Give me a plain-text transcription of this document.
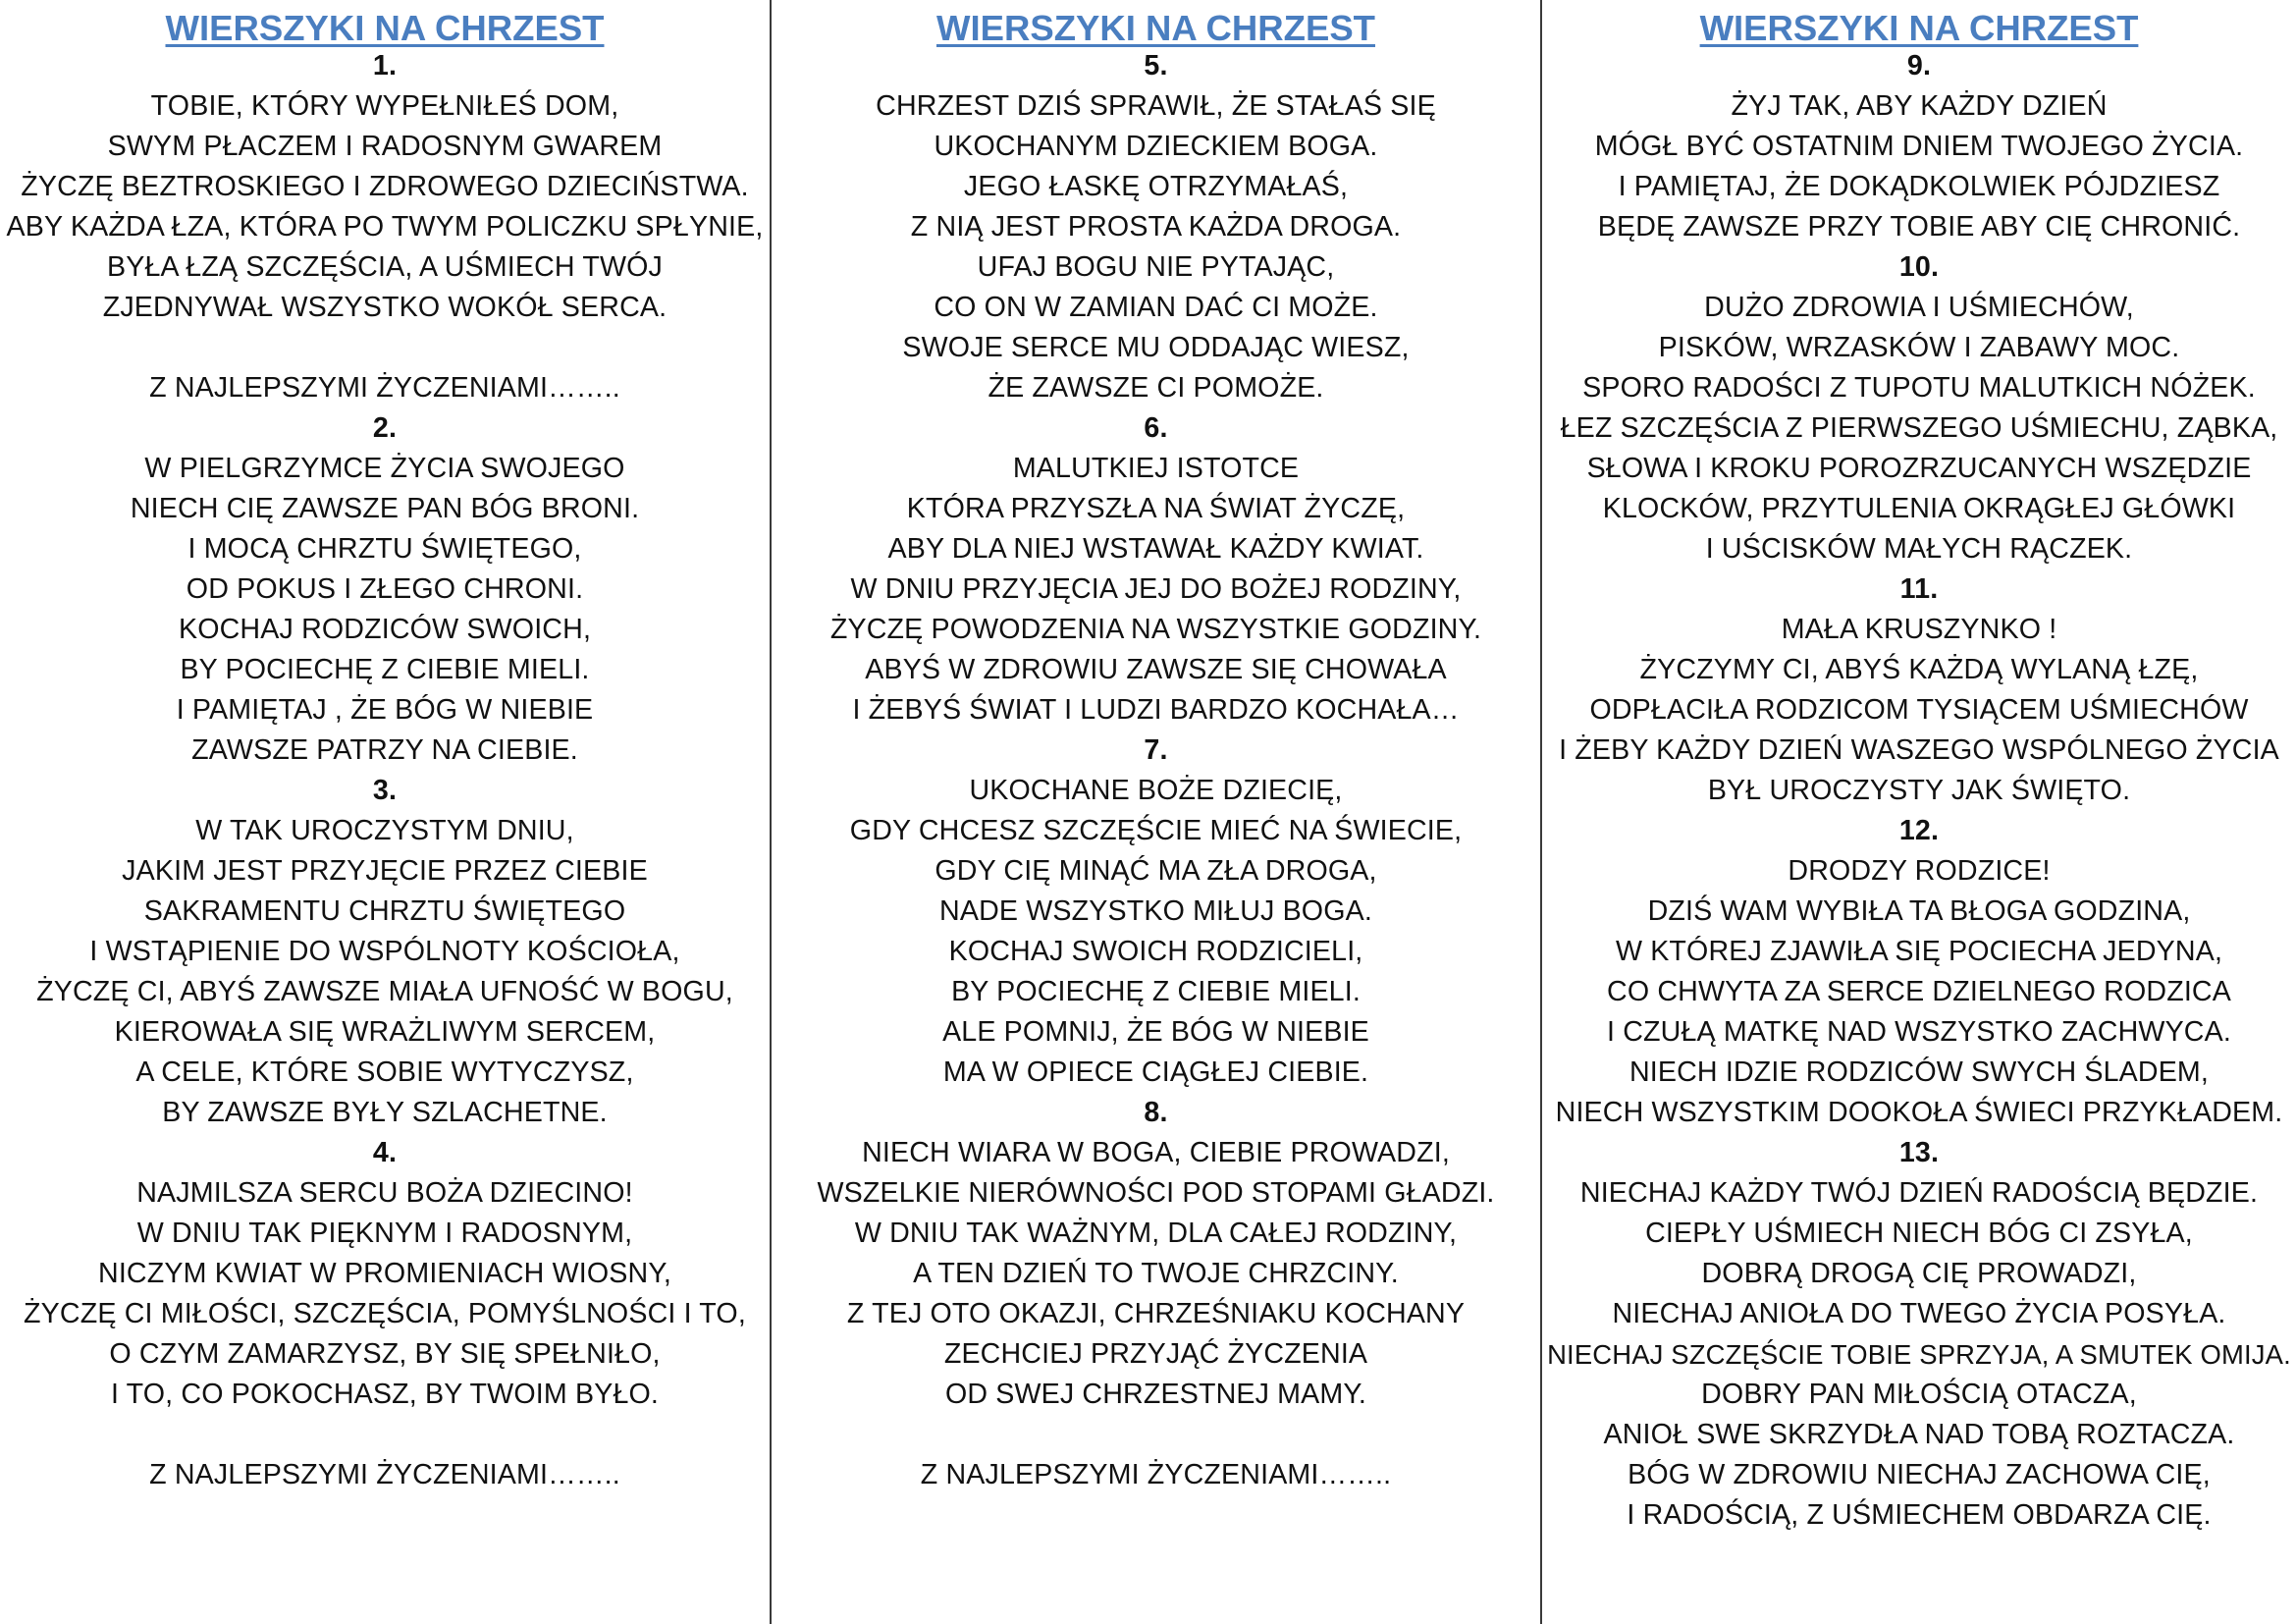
WIERSZYKI NA CHRZEST
1.
TOBIE, KTÓRY WYPEŁNIŁEŚ DOM,
SWYM PŁACZEM I RADOSNYM GWAREM
ŻYCZĘ BEZTROSKIEGO I ZDROWEGO DZIECIŃSTWA.
ABY KAŻDA ŁZA, KTÓRA PO TWYM POLICZKU SPŁYNIE,
BYŁA ŁZĄ SZCZĘŚCIA, A UŚMIECH TWÓJ
ZJEDNYWAŁ WSZYSTKO WOKÓŁ SERCA.
Z NAJLEPSZYMI ŻYCZENIAMI……..
2.
W PIELGRZYMCE ŻYCIA SWOJEGO
NIECH CIĘ ZAWSZE PAN BÓG BRONI.
I MOCĄ CHRZTU ŚWIĘTEGO,
OD POKUS I ZŁEGO CHRONI.
KOCHAJ RODZICÓW SWOICH,
BY POCIECHĘ Z CIEBIE MIELI.
I PAMIĘTAJ , ŻE BÓG W NIEBIE
ZAWSZE PATRZY NA CIEBIE.
3.
W TAK UROCZYSTYM DNIU,
JAKIM JEST PRZYJĘCIE PRZEZ CIEBIE
SAKRAMENTU CHRZTU ŚWIĘTEGO
I WSTĄPIENIE DO WSPÓLNOTY KOŚCIOŁA,
ŻYCZĘ CI, ABYŚ ZAWSZE MIAŁA UFNOŚĆ W BOGU,
KIEROWAŁA SIĘ WRAŻLIWYM SERCEM,
A CELE, KTÓRE SOBIE WYTYCZYSZ,
BY ZAWSZE BYŁY SZLACHETNE.
4.
NAJMILSZA SERCU BOŻA DZIECINO!
W DNIU TAK PIĘKNYM I RADOSNYM,
NICZYM KWIAT W PROMIENIACH WIOSNY,
ŻYCZĘ CI MIŁOŚCI, SZCZĘŚCIA, POMYŚLNOŚCI I TO,
O CZYM ZAMARZYSZ, BY SIĘ SPEŁNIŁO,
I TO, CO POKOCHASZ, BY TWOIM BYŁO.
Z NAJLEPSZYMI ŻYCZENIAMI……..
WIERSZYKI NA CHRZEST
5.
CHRZEST DZIŚ SPRAWIŁ, ŻE STAŁAŚ SIĘ
UKOCHANYM DZIECKIEM BOGA.
JEGO ŁASKĘ OTRZYMAŁAŚ,
Z NIĄ JEST PROSTA KAŻDA DROGA.
UFAJ BOGU NIE PYTAJĄC,
CO ON W ZAMIAN DAĆ CI MOŻE.
SWOJE SERCE MU ODDAJĄC WIESZ,
ŻE ZAWSZE CI POMOŻE.
6.
MALUTKIEJ ISTOTCE
KTÓRA PRZYSZŁA NA ŚWIAT ŻYCZĘ,
ABY DLA NIEJ WSTAWAŁ KAŻDY KWIAT.
W DNIU PRZYJĘCIA JEJ DO BOŻEJ RODZINY,
ŻYCZĘ POWODZENIA NA WSZYSTKIE GODZINY.
ABYŚ W ZDROWIU ZAWSZE SIĘ CHOWAŁA
I ŻEBYŚ ŚWIAT I LUDZI BARDZO KOCHAŁA…
7.
UKOCHANE BOŻE DZIECIĘ,
GDY CHCESZ SZCZĘŚCIE MIEĆ NA ŚWIECIE,
GDY CIĘ MINĄĆ MA ZŁA DROGA,
NADE WSZYSTKO MIŁUJ BOGA.
KOCHAJ SWOICH RODZICIELI,
BY POCIECHĘ Z CIEBIE MIELI.
ALE POMNIJ, ŻE BÓG W NIEBIE
MA W OPIECE CIĄGŁEJ CIEBIE.
8.
NIECH WIARA W BOGA, CIEBIE PROWADZI,
WSZELKIE NIERÓWNOŚCI POD STOPAMI GŁADZI.
W DNIU TAK WAŻNYM, DLA CAŁEJ RODZINY,
A TEN DZIEŃ TO TWOJE CHRZCINY.
Z TEJ OTO OKAZJI, CHRZEŚNIAKU KOCHANY
ZECHCIEJ PRZYJĄĆ ŻYCZENIA
OD SWEJ CHRZESTNEJ MAMY.
Z NAJLEPSZYMI ŻYCZENIAMI……..
WIERSZYKI NA CHRZEST
9.
ŻYJ TAK, ABY KAŻDY DZIEŃ
MÓGŁ BYĆ OSTATNIM DNIEM TWOJEGO ŻYCIA.
I PAMIĘTAJ, ŻE DOKĄDKOLWIEK PÓJDZIESZ
BĘDĘ ZAWSZE PRZY TOBIE ABY CIĘ CHRONIĆ.
10.
DUŻO ZDROWIA I UŚMIECHÓW,
PISKÓW, WRZASKÓW I ZABAWY MOC.
SPORO RADOŚCI Z TUPOTU MALUTKICH NÓŻEK.
ŁEZ SZCZĘŚCIA Z PIERWSZEGO UŚMIECHU, ZĄBKA,
SŁOWA I KROKU POROZRZUCANYCH WSZĘDZIE
KLOCKÓW, PRZYTULENIA OKRĄGŁEJ GŁÓWKI
I UŚCISKÓW MAŁYCH RĄCZEK.
11.
MAŁA KRUSZYNKO !
ŻYCZYMY CI, ABYŚ KAŻDĄ WYLANĄ ŁZĘ,
ODPŁACIŁA RODZICOM TYSIĄCEM UŚMIECHÓW
I ŻEBY KAŻDY DZIEŃ WASZEGO WSPÓLNEGO ŻYCIA
BYŁ UROCZYSTY JAK ŚWIĘTO.
12.
DRODZY RODZICE!
DZIŚ WAM WYBIŁA TA BŁOGA GODZINA,
W KTÓREJ ZJAWIŁA SIĘ POCIECHA JEDYNA,
CO CHWYTA ZA SERCE DZIELNEGO RODZICA
I CZUŁĄ MATKĘ NAD WSZYSTKO ZACHWYCA.
NIECH IDZIE RODZICÓW SWYCH ŚLADEM,
NIECH WSZYSTKIM DOOKOŁA ŚWIECI PRZYKŁADEM.
13.
NIECHAJ KAŻDY TWÓJ DZIEŃ RADOŚCIĄ BĘDZIE.
CIEPŁY UŚMIECH NIECH BÓG CI ZSYŁA,
DOBRĄ DROGĄ CIĘ PROWADZI,
NIECHAJ ANIOŁA DO TWEGO ŻYCIA POSYŁA.
NIECHAJ SZCZĘŚCIE TOBIE SPRZYJA, A SMUTEK OMIJA.
DOBRY PAN MIŁOŚCIĄ OTACZA,
ANIOŁ SWE SKRZYDŁA NAD TOBĄ ROZTACZA.
BÓG W ZDROWIU NIECHAJ ZACHOWA CIĘ,
I RADOŚCIĄ, Z UŚMIECHEM OBDARZA CIĘ.
